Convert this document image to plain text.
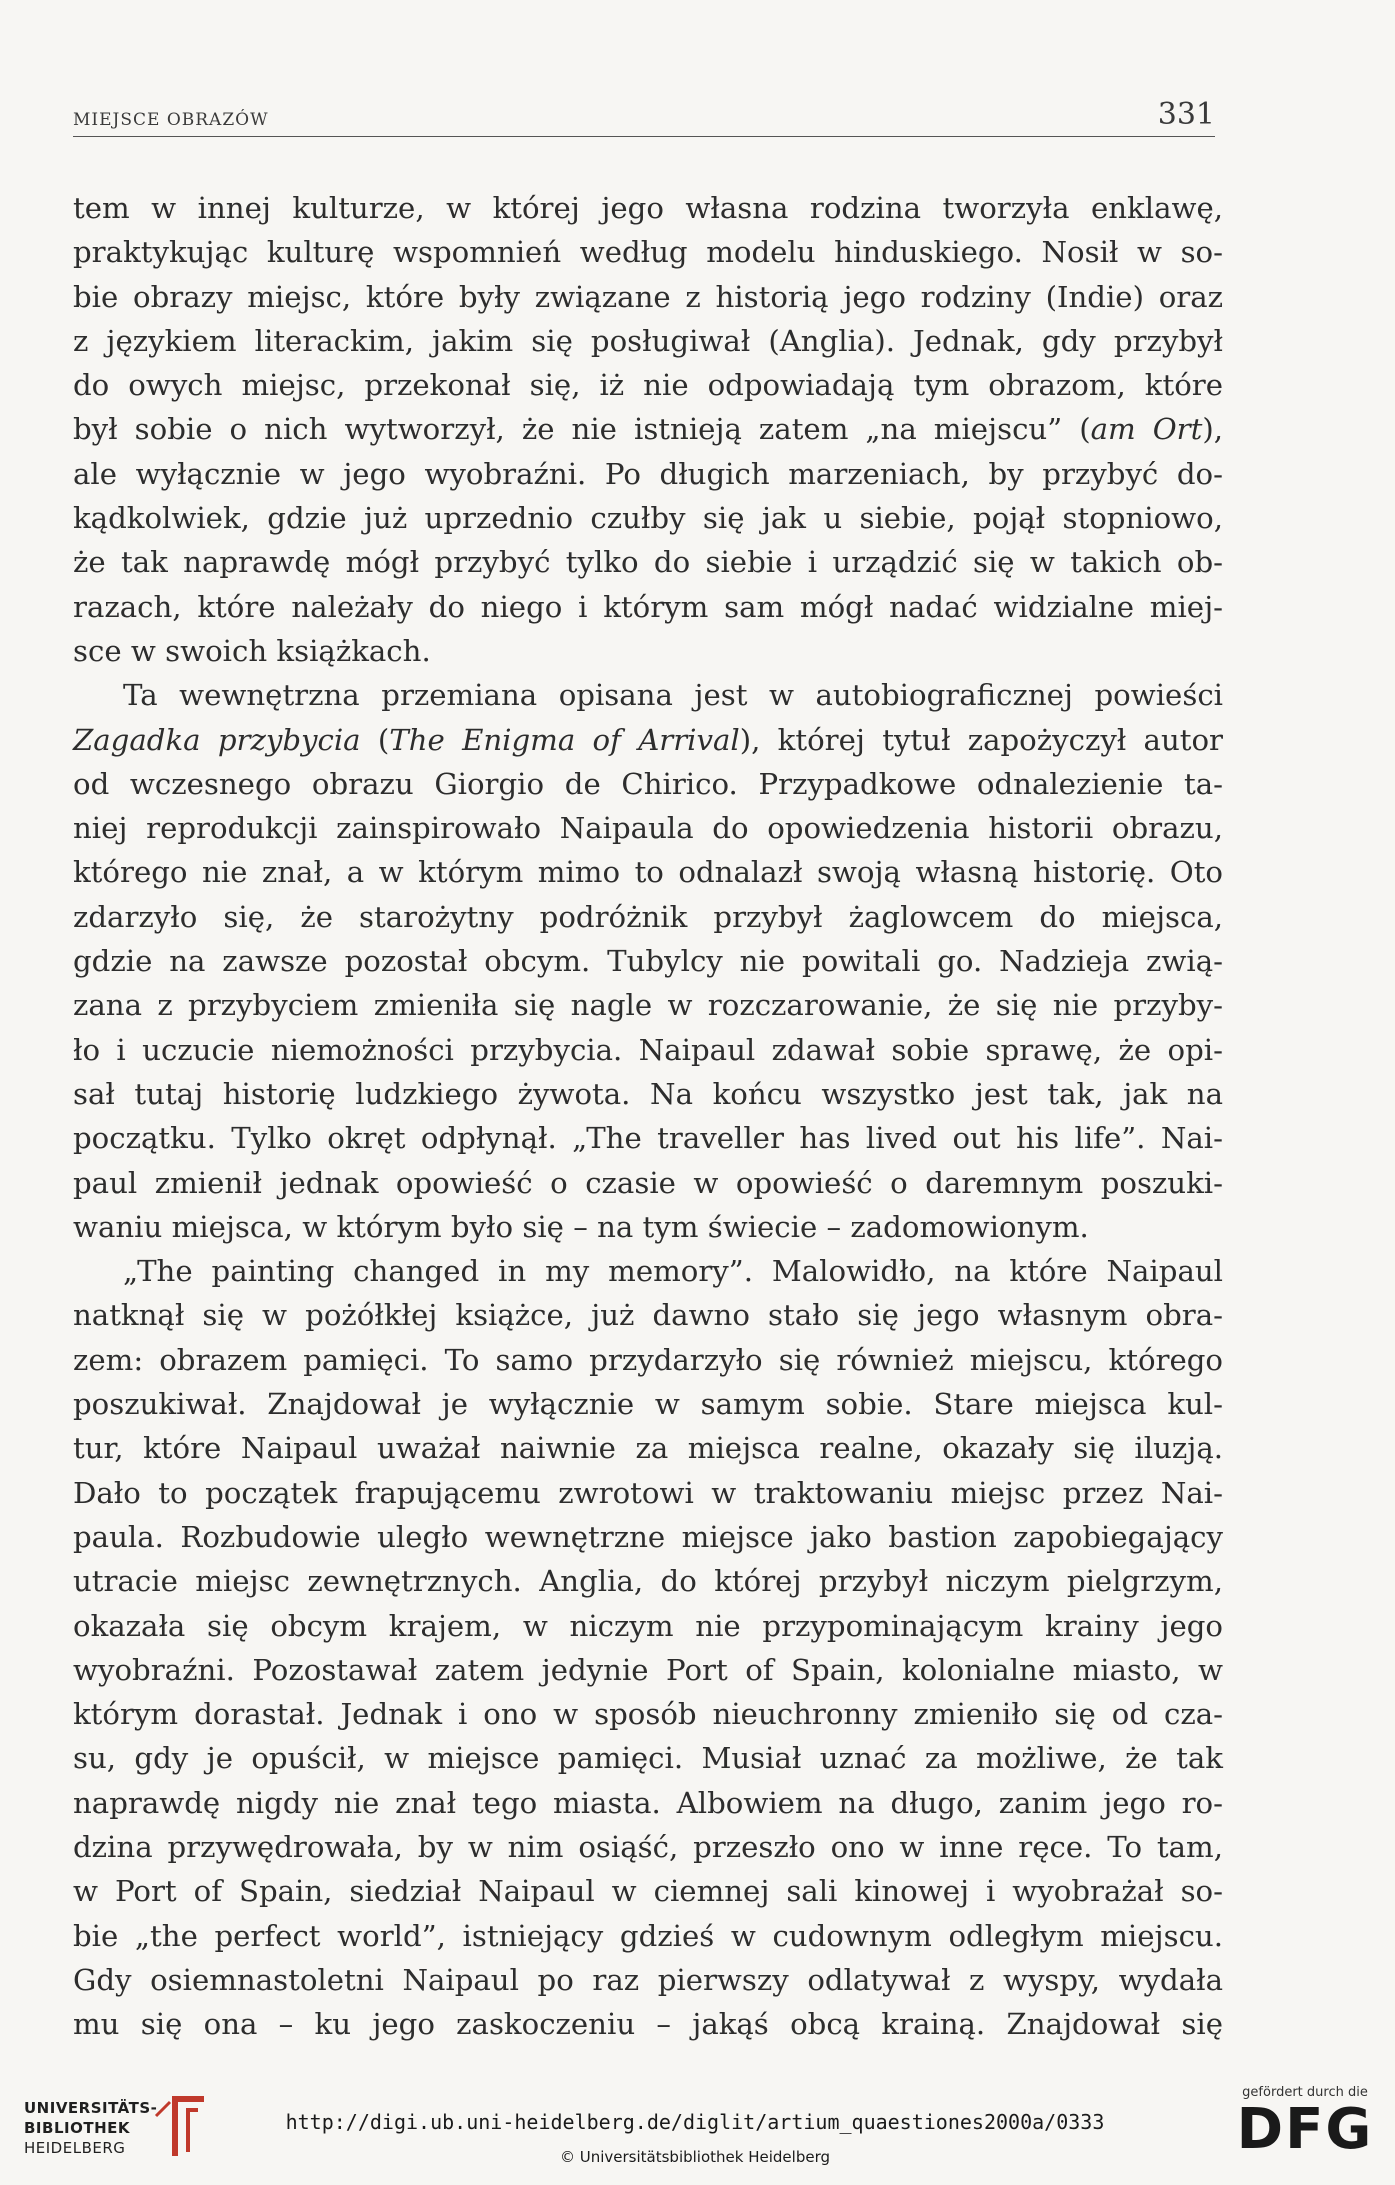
MIEJSCE OBRAZÓW	331

tem w innej kulturze, w której jego własna rodzina tworzyła enklawę,

praktykując kulturę wspomnień według modelu hinduskiego. Nosił w so-

bie obrazy miejsc, które były związane z historią jego rodziny (Indie) oraz

z językiem literackim, jakim się posługiwał (Anglia). Jednak, gdy przybył

do owych miejsc, przekonał się, iż nie odpowiadają tym obrazom, które

był sobie o nich wytworzył, że nie istnieją zatem „na miejscu” (am Ort),

ale wyłącznie w jego wyobraźni. Po długich marzeniach, by przybyć do-

kądkolwiek, gdzie już uprzednio czułby się jak u siebie, pojął stopniowo,

że tak naprawdę mógł przybyć tylko do siebie i urządzić się w takich ob-

razach, które należały do niego i którym sam mógł nadać widzialne miej-

sce w swoich książkach.

Ta wewnętrzna przemiana opisana jest w autobiograficznej powieści

Zagadka przybycia (The Enigma of Arrival), której tytuł zapożyczył autor

od wczesnego obrazu Giorgio de Chirico. Przypadkowe odnalezienie ta-

niej reprodukcji zainspirowało Naipaula do opowiedzenia historii obrazu,

którego nie znał, a w którym mimo to odnalazł swoją własną historię. Oto

zdarzyło się, że starożytny podróżnik przybył żaglowcem do miejsca,

gdzie na zawsze pozostał obcym. Tubylcy nie powitali go. Nadzieja zwią-

zana z przybyciem zmieniła się nagle w rozczarowanie, że się nie przyby-

ło i uczucie niemożności przybycia. Naipaul zdawał sobie sprawę, że opi-

sał tutaj historię ludzkiego żywota. Na końcu wszystko jest tak, jak na

początku. Tylko okręt odpłynął. „The traveller has lived out his life”. Nai-

paul zmienił jednak opowieść o czasie w opowieść o daremnym poszuki-

waniu miejsca, w którym było się – na tym świecie – zadomowionym.

„The painting changed in my memory”. Malowidło, na które Naipaul

natknął się w pożółkłej książce, już dawno stało się jego własnym obra-

zem: obrazem pamięci. To samo przydarzyło się również miejscu, którego

poszukiwał. Znajdował je wyłącznie w samym sobie. Stare miejsca kul-

tur, które Naipaul uważał naiwnie za miejsca realne, okazały się iluzją.

Dało to początek frapującemu zwrotowi w traktowaniu miejsc przez Nai-

paula. Rozbudowie uległo wewnętrzne miejsce jako bastion zapobiegający

utracie miejsc zewnętrznych. Anglia, do której przybył niczym pielgrzym,

okazała się obcym krajem, w niczym nie przypominającym krainy jego

wyobraźni. Pozostawał zatem jedynie Port of Spain, kolonialne miasto, w

którym dorastał. Jednak i ono w sposób nieuchronny zmieniło się od cza-

su, gdy je opuścił, w miejsce pamięci. Musiał uznać za możliwe, że tak

naprawdę nigdy nie znał tego miasta. Albowiem na długo, zanim jego ro-

dzina przywędrowała, by w nim osiąść, przeszło ono w inne ręce. To tam,

w Port of Spain, siedział Naipaul w ciemnej sali kinowej i wyobrażał so-

bie „the perfect world”, istniejący gdzieś w cudownym odległym miejscu.

Gdy osiemnastoletni Naipaul po raz pierwszy odlatywał z wyspy, wydała

mu się ona – ku jego zaskoczeniu – jakąś obcą krainą. Znajdował się

UNIVERSITÄTS-
BIBLIOTHEK
HEIDELBERG
http://digi.ub.uni-heidelberg.de/diglit/artium_quaestiones2000a/0333
© Universitätsbibliothek Heidelberg
gefördert durch die
DFG
